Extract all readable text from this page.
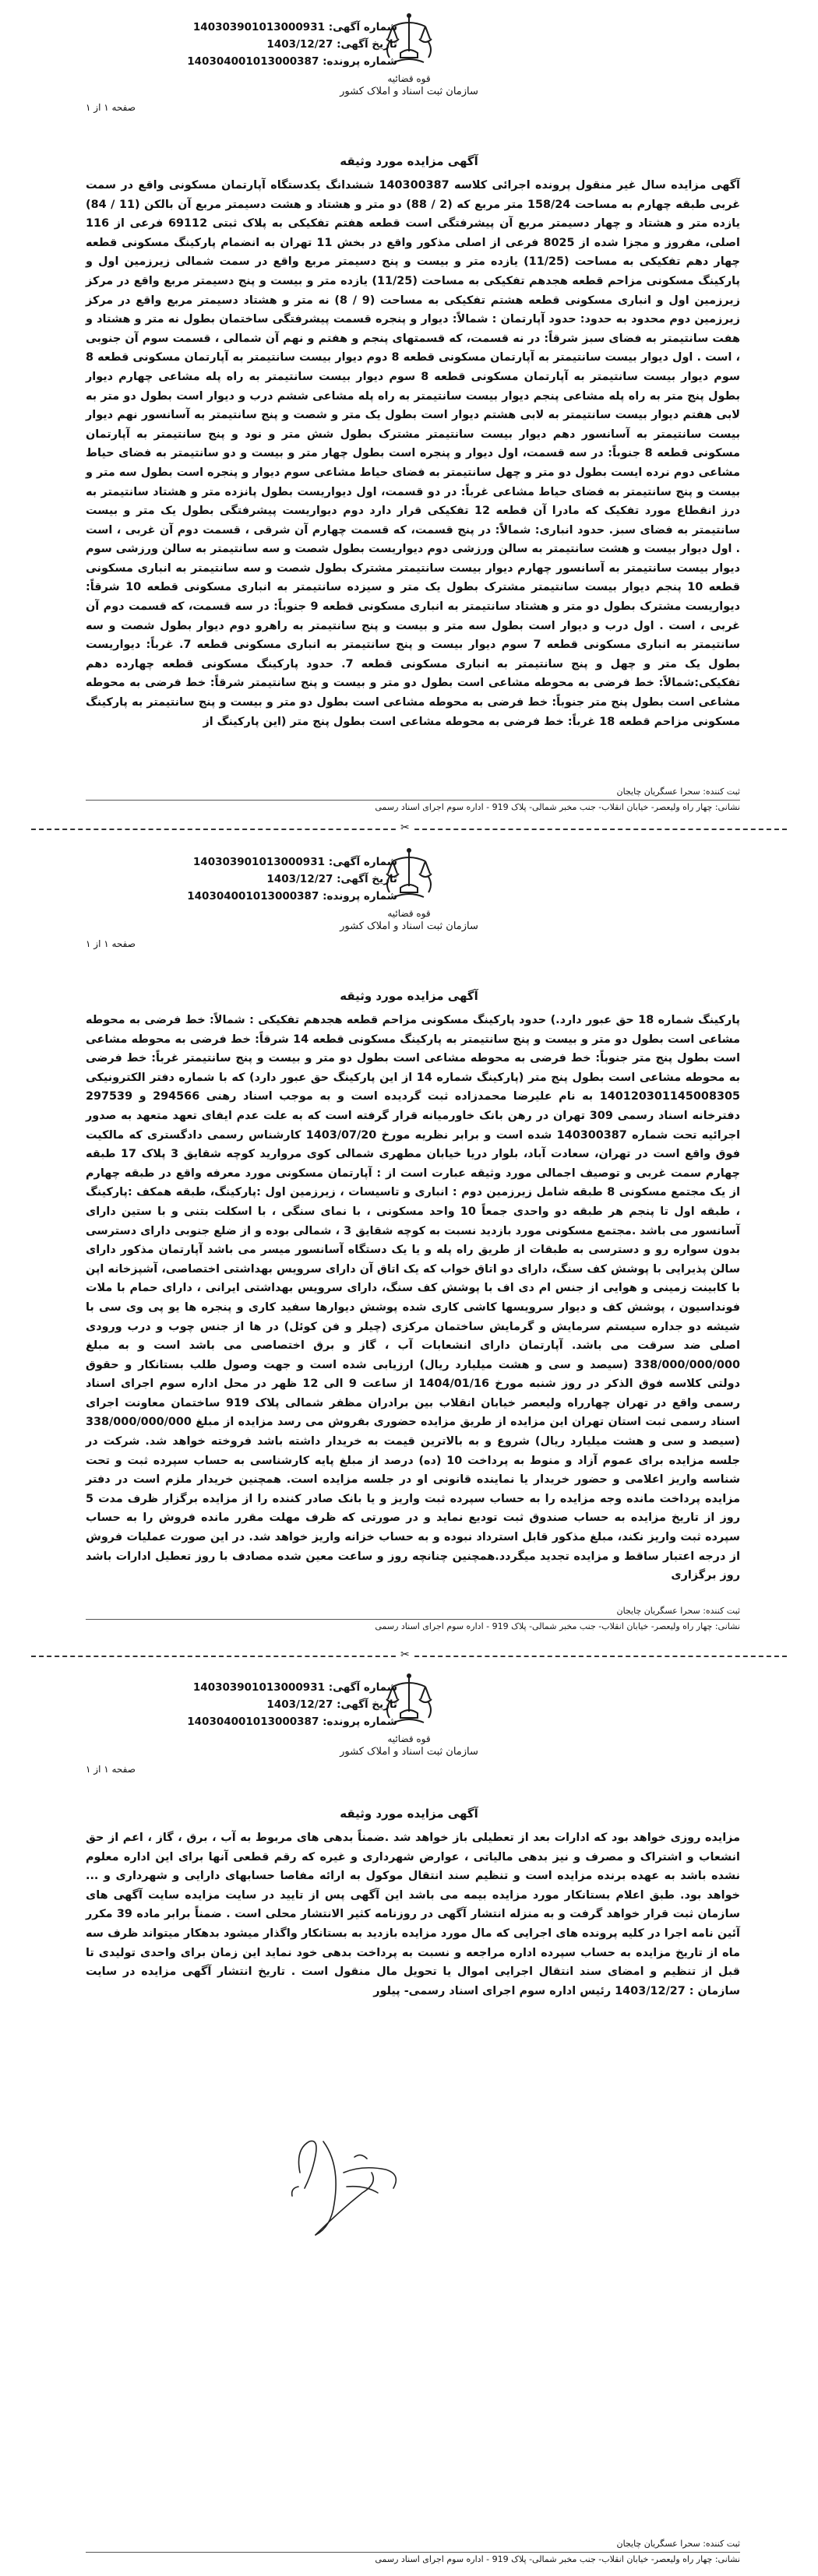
قوه قضائیه
سازمان ثبت اسناد و املاک کشور
شماره آگهی: 140303901013000931
تاریخ آگهی: 1403/12/27
شماره پرونده: 140304001013000387
صفحه ۱ از ۱
آگهی مزایده مورد وثیقه
آگهی مزایده سال غیر منقول پرونده اجرائی کلاسه 140300387 ششدانگ یکدستگاه آپارتمان مسکونی واقع در سمت غربی طبقه چهارم به مساحت 158/24 متر مربع که (2 / 88) دو متر و هشتاد و هشت دسیمتر مربع آن بالکن (11 / 84) یازده متر و هشتاد و چهار دسیمتر مربع آن پیشرفتگی است قطعه هفتم تفکیکی به پلاک ثبتی 69112 فرعی از 116 اصلی، مفروز و مجزا شده از 8025 فرعی از اصلی مذکور واقع در بخش 11 تهران به انضمام پارکینگ مسکونی قطعه چهار دهم تفکیکی به مساحت (11/25) یازده متر و بیست و پنج دسیمتر مربع واقع در سمت شمالی زیرزمین اول و پارکینگ مسکونی مزاحم قطعه هجدهم تفکیکی به مساحت (11/25) یازده متر و بیست و پنج دسیمتر مربع واقع در مرکز زیرزمین اول و انباری مسکونی قطعه هشتم تفکیکی به مساحت (9 / 8) نه متر و هشتاد دسیمتر مربع واقع در مرکز زیرزمین دوم محدود به حدود: حدود آپارتمان : شمالاً: دیوار و پنجره قسمت پیشرفتگی ساختمان بطول نه متر و هشتاد و هفت سانتیمتر به فضای سبز شرقاً: در نه قسمت، که قسمتهای پنجم و هفتم و نهم آن شمالی ، قسمت سوم آن جنوبی ، است . اول دیوار بیست سانتیمتر به آپارتمان مسکونی قطعه 8 دوم دیوار بیست سانتیمتر به آپارتمان مسکونی قطعه 8 سوم دیوار بیست سانتیمتر به آپارتمان مسکونی قطعه 8 سوم دیوار بیست سانتیمتر به راه پله مشاعی چهارم دیوار بطول پنج متر به راه پله مشاعی پنجم دیوار بیست سانتیمتر به راه پله مشاعی ششم درب و دیوار است بطول دو متر به لابی هفتم دیوار بیست سانتیمتر به لابی هشتم دیوار است بطول یک متر و شصت و پنج سانتیمتر به آسانسور نهم دیوار بیست سانتیمتر به آسانسور دهم دیوار بیست سانتیمتر مشترک بطول شش متر و نود و پنج سانتیمتر به آپارتمان مسکونی قطعه 8 جنوباً: در سه قسمت، اول دیوار و پنجره است بطول چهار متر و بیست و دو سانتیمتر به فضای حیاط مشاعی دوم نرده ایست بطول دو متر و چهل سانتیمتر به فضای حیاط مشاعی سوم دیوار و پنجره است بطول سه متر و بیست و پنج سانتیمتر به فضای حیاط مشاعی غرباً: در دو قسمت، اول دیواریست بطول پانزده متر و هشتاد سانتیمتر به درز انقطاع مورد تفکیک که مادرا آن قطعه 12 تفکیکی قرار دارد دوم دیواریست پیشرفتگی بطول یک متر و بیست سانتیمتر به فضای سبز. حدود انباری: شمالاً: در پنج قسمت، که قسمت چهارم آن شرقی ، قسمت دوم آن غربی ، است . اول دیوار بیست و هشت سانتیمتر به سالن ورزشی دوم دیواریست بطول شصت و سه سانتیمتر به سالن ورزشی سوم دیوار بیست سانتیمتر به آسانسور چهارم دیوار بیست سانتیمتر مشترک بطول شصت و سه سانتیمتر به انباری مسکونی قطعه 10 پنجم دیوار بیست سانتیمتر مشترک بطول یک متر و سیزده سانتیمتر به انباری مسکونی قطعه 10 شرقاً: دیواریست مشترک بطول دو متر و هشتاد سانتیمتر به انباری مسکونی قطعه 9 جنوباً: در سه قسمت، که قسمت دوم آن غربی ، است . اول درب و دیوار است بطول سه متر و بیست و پنج سانتیمتر به راهرو دوم دیوار بطول شصت و سه سانتیمتر به انباری مسکونی قطعه 7 سوم دیوار بیست و پنج سانتیمتر به انباری مسکونی قطعه 7. غرباً: دیواریست بطول یک متر و چهل و پنج سانتیمتر به انباری مسکونی قطعه 7. حدود پارکینگ مسکونی قطعه چهارده دهم تفکیکی:شمالاً: خط فرضی به محوطه مشاعی است بطول دو متر و بیست و پنج سانتیمتر شرقاً: خط فرضی به محوطه مشاعی است بطول پنج متر جنوباً: خط فرضی به محوطه مشاعی است بطول دو متر و بیست و پنج سانتیمتر به پارکینگ مسکونی مزاحم قطعه 18 غرباً: خط فرضی به محوطه مشاعی است بطول پنج متر (این پارکینگ از
ثبت کننده: سحرا عسگریان چایجان
نشانی: چهار راه ولیعصر- خیابان انقلاب- جنب مخبر شمالی- پلاک 919 - اداره سوم اجرای اسناد رسمی
✂
قوه قضائیه
سازمان ثبت اسناد و املاک کشور
شماره آگهی: 140303901013000931
تاریخ آگهی: 1403/12/27
شماره پرونده: 140304001013000387
صفحه ۱ از ۱
آگهی مزایده مورد وثیقه
پارکینگ شماره 18 حق عبور دارد.) حدود پارکینگ مسکونی مزاحم قطعه هجدهم تفکیکی : شمالاً: خط فرضی به محوطه مشاعی است بطول دو متر و بیست و پنج سانتیمتر به پارکینگ مسکونی قطعه 14 شرقاً: خط فرضی به محوطه مشاعی است بطول پنج متر جنوباً: خط فرضی به محوطه مشاعی است بطول دو متر و بیست و پنج سانتیمتر غرباً: خط فرضی به محوطه مشاعی است بطول پنج متر (پارکینگ شماره 14 از این پارکینگ حق عبور دارد) که با شماره دفتر الکترونیکی 140120301145008305 به نام علیرضا محمدزاده ثبت گردیده است و به موجب اسناد رهنی 294566 و 297539 دفترخانه اسناد رسمی 309 تهران در رهن بانک خاورمیانه قرار گرفته است که به علت عدم ایفای تعهد متعهد به صدور اجرائیه تحت شماره 140300387 شده است و برابر نظریه مورخ 1403/07/20 کارشناس رسمی دادگستری که مالکیت فوق واقع است در تهران، سعادت آباد، بلوار دریا خیابان مطهری شمالی کوی مروارید کوچه شقایق 3 پلاک 17 طبقه چهارم سمت غربی و توصیف اجمالی مورد وثیقه عبارت است از : آپارتمان مسکونی مورد معرفه واقع در طبقه چهارم از یک مجتمع مسکونی 8 طبقه شامل زیرزمین دوم : انباری و تاسیسات ، زیرزمین اول :پارکینگ، طبقه همکف :پارکینگ ، طبقه اول تا پنجم هر طبقه دو واحدی جمعاً 10 واحد مسکونی ، با نمای سنگی ، با اسکلت بتنی و با ستین دارای آسانسور می باشد .مجتمع مسکونی مورد بازدید نسبت به کوچه شقایق 3 ، شمالی بوده و از ضلع جنوبی دارای دسترسی بدون سواره رو و دسترسی به طبقات از طریق راه پله و یا یک دستگاه آسانسور میسر می باشد آپارتمان مذکور دارای سالن پذیرایی با پوشش کف سنگ، دارای دو اتاق خواب که یک اتاق آن دارای سرویس بهداشتی اختصاصی، آشپزخانه اپن با کابینت زمینی و هوایی از جنس ام دی اف با پوشش کف سنگ، دارای سرویس بهداشتی ایرانی ، دارای حمام با ملات فونداسیون ، پوشش کف و دیوار سرویسها کاشی کاری شده پوشش دیوارها سفید کاری و پنجره ها یو پی وی سی با شیشه دو جداره سیستم سرمایش و گرمایش ساختمان مرکزی (چیلر و فن کوئل) در ها از جنس چوب و درب ورودی اصلی ضد سرقت می باشد. آپارتمان دارای انشعابات آب ، گاز و برق اختصاصی می باشد است و به مبلغ 338/000/000/000 (سیصد و سی و هشت میلیارد ریال) ارزیابی شده است و جهت وصول طلب بستانکار و حقوق دولتی کلاسه فوق الذکر در روز شنبه مورخ 1404/01/16 از ساعت 9 الی 12 ظهر در محل اداره سوم اجرای اسناد رسمی واقع در تهران چهارراه ولیعصر خیابان انقلاب بین برادران مظفر شمالی پلاک 919 ساختمان معاونت اجرای اسناد رسمی ثبت استان تهران این مزایده از طریق مزایده حضوری بفروش می رسد مزایده از مبلغ 338/000/000/000 (سیصد و سی و هشت میلیارد ریال) شروع و به بالاترین قیمت به خریدار داشته باشد فروخته خواهد شد. شرکت در جلسه مزایده برای عموم آزاد و منوط به پرداخت 10 (ده) درصد از مبلغ پایه کارشناسی به حساب سپرده ثبت و تحت شناسه واریز اعلامی و حضور خریدار یا نماینده قانونی او در جلسه مزایده است. همچنین خریدار ملزم است در دفتر مزایده پرداخت مانده وجه مزایده را به حساب سپرده ثبت واریز و یا بانک صادر کننده را از مزایده برگزار ظرف مدت 5 روز از تاریخ مزایده به حساب صندوق ثبت تودیع نماید و در صورتی که ظرف مهلت مقرر مانده فروش را به حساب سپرده ثبت واریز نکند، مبلغ مذکور قابل استرداد نبوده و به حساب خزانه واریز خواهد شد. در این صورت عملیات فروش از درجه اعتبار ساقط و مزایده تجدید میگردد.همچنین چنانچه روز و ساعت معین شده مصادف با روز تعطیل ادارات باشد روز برگزاری
ثبت کننده: سحرا عسگریان چایجان
نشانی: چهار راه ولیعصر- خیابان انقلاب- جنب مخبر شمالی- پلاک 919 - اداره سوم اجرای اسناد رسمی
✂
قوه قضائیه
سازمان ثبت اسناد و املاک کشور
شماره آگهی: 140303901013000931
تاریخ آگهی: 1403/12/27
شماره پرونده: 140304001013000387
صفحه ۱ از ۱
آگهی مزایده مورد وثیقه
مزایده روزی خواهد بود که ادارات بعد از تعطیلی باز خواهد شد .ضمناً بدهی های مربوط به آب ، برق ، گاز ، اعم از حق انشعاب و اشتراک و مصرف و نیز بدهی مالیاتی ، عوارض شهرداری و غیره که رقم قطعی آنها برای این اداره معلوم نشده باشد به عهده برنده مزایده است و تنظیم سند انتقال موکول به ارائه مفاصا حسابهای دارایی و شهرداری و ... خواهد بود. طبق اعلام بستانکار مورد مزایده بیمه می باشد این آگهی پس از تایید در سایت مزایده سایت آگهی های سازمان ثبت قرار خواهد گرفت و به منزله انتشار آگهی در روزنامه کثیر الانتشار محلی است . ضمناً برابر ماده 39 مکرر آئین نامه اجرا در کلیه پرونده های اجرایی که مال مورد مزایده بازدید به بستانکار واگذار میشود بدهکار میتواند ظرف سه ماه از تاریخ مزایده به حساب سپرده اداره مراجعه و نسبت به پرداخت بدهی خود نماید این زمان برای واحدی تولیدی تا قبل از تنظیم و امضای سند انتقال اجرایی اموال یا تحویل مال منقول است . تاریخ انتشار آگهی مزایده در سایت سازمان : 1403/12/27 رئیس اداره سوم اجرای اسناد رسمی- پیلور
ثبت کننده: سحرا عسگریان چایجان
نشانی: چهار راه ولیعصر- خیابان انقلاب- جنب مخبر شمالی- پلاک 919 - اداره سوم اجرای اسناد رسمی
